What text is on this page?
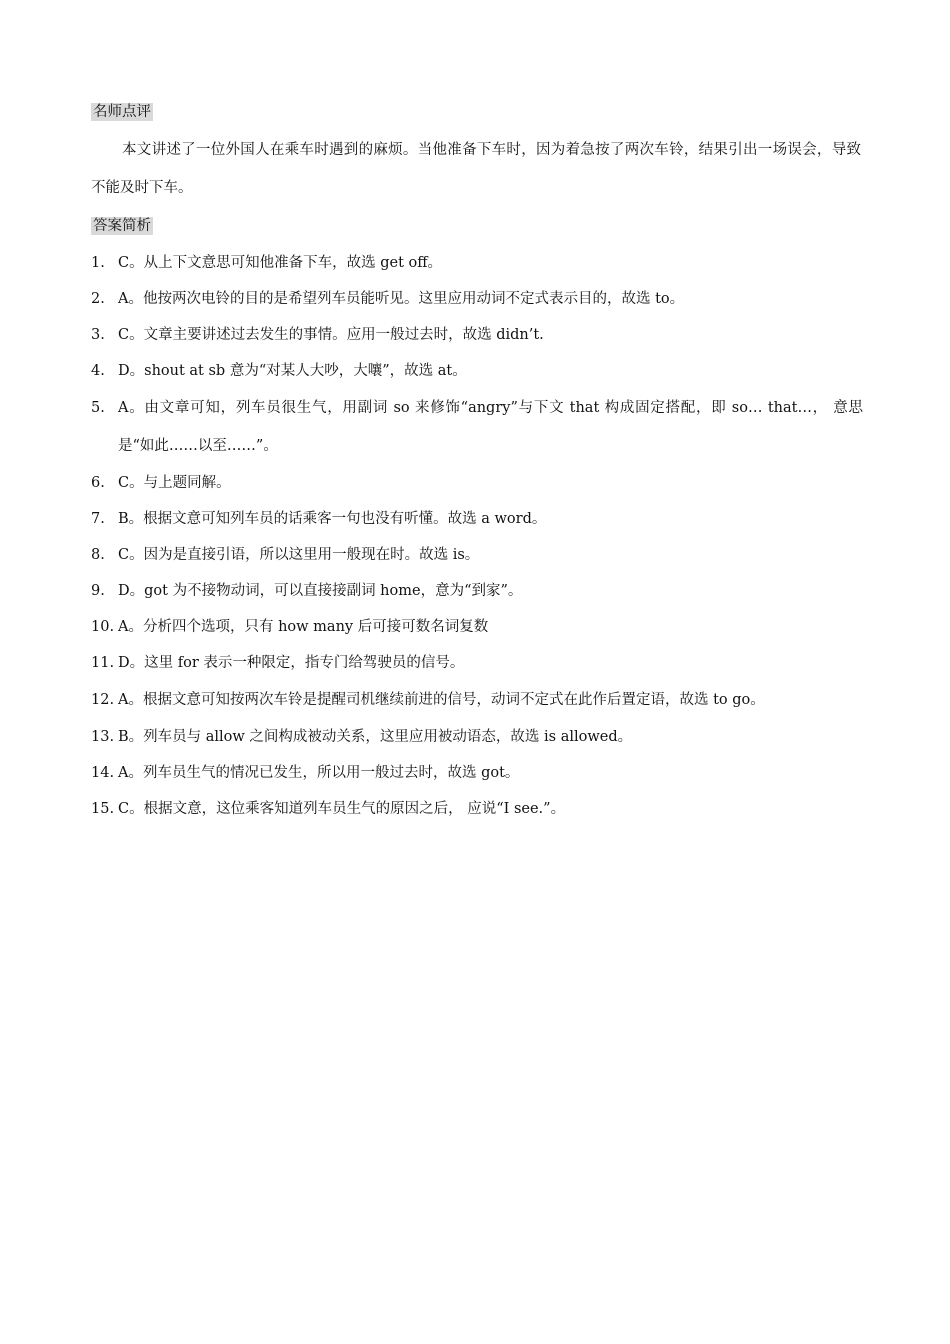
名师点评
本文讲述了一位外国人在乘车时遇到的麻烦。当他准备下车时，因为着急按了两次车铃，结果引出一场误会，导致不能及时下车。
答案简析
1. C。从上下文意思可知他准备下车，故选 get off。
2. A。他按两次电铃的目的是希望列车员能听见。这里应用动词不定式表示目的，故选 to。
3. C。文章主要讲述过去发生的事情。应用一般过去时，故选 didn’t.
4. D。shout at sb 意为“对某人大吵，大嚷”，故选 at。
5. A。由文章可知，列车员很生气，用副词 so 来修饰“angry”与下文 that 构成固定搭配，即 so… that…， 意思是“如此……以至……”。
6. C。与上题同解。
7. B。根据文意可知列车员的话乘客一句也没有听懂。故选 a word。
8. C。因为是直接引语，所以这里用一般现在时。故选 is。
9. D。got 为不接物动词，可以直接接副词 home，意为“到家”。
10. A。分析四个选项，只有 how many 后可接可数名词复数
11. D。这里 for 表示一种限定，指专门给驾驶员的信号。
12. A。根据文意可知按两次车铃是提醒司机继续前进的信号，动词不定式在此作后置定语，故选 to go。
13. B。列车员与 allow 之间构成被动关系，这里应用被动语态，故选 is allowed。
14. A。列车员生气的情况已发生，所以用一般过去时，故选 got。
15. C。根据文意，这位乘客知道列车员生气的原因之后， 应说“I see.”。
